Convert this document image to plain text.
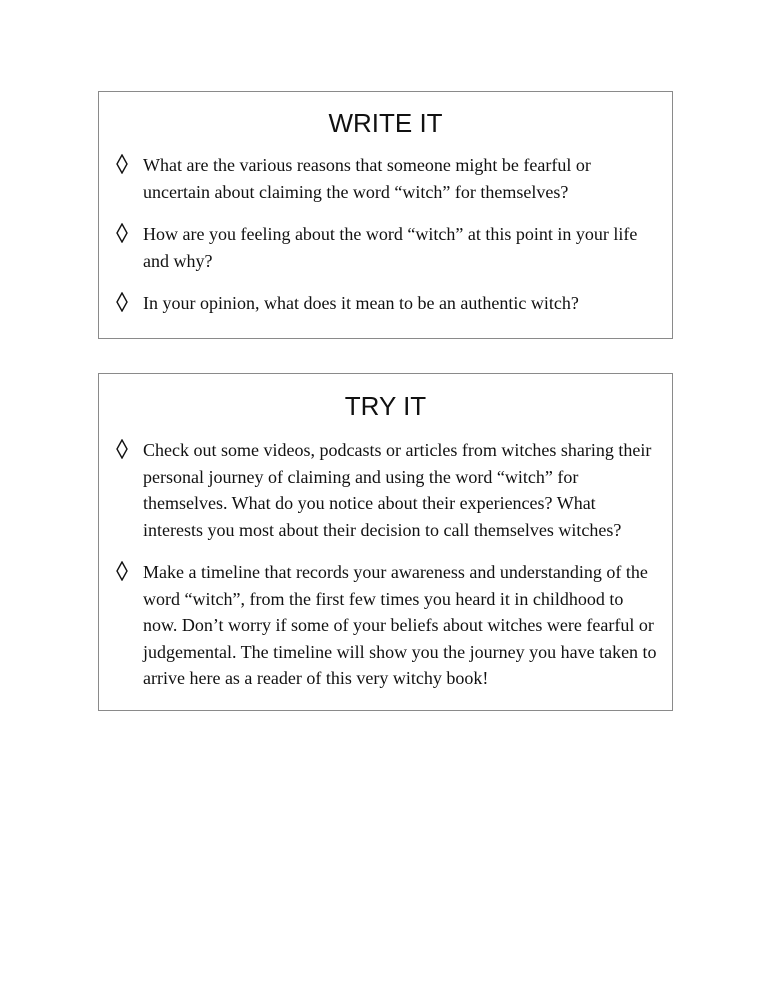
WRITE IT
What are the various reasons that someone might be fearful or uncertain about claiming the word “witch” for themselves?
How are you feeling about the word “witch” at this point in your life and why?
In your opinion, what does it mean to be an authentic witch?
TRY IT
Check out some videos, podcasts or articles from witches sharing their personal journey of claiming and using the word “witch” for themselves. What do you notice about their experiences? What interests you most about their decision to call themselves witches?
Make a timeline that records your awareness and understanding of the word “witch”, from the first few times you heard it in childhood to now. Don’t worry if some of your beliefs about witches were fearful or judgemental. The timeline will show you the journey you have taken to arrive here as a reader of this very witchy book!
